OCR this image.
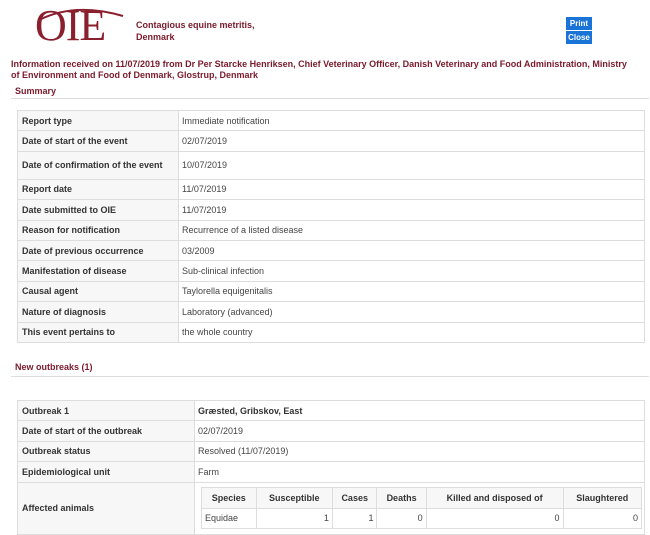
OIE	Contagious equine metritis,
Denmark
Print
Close
Information received on 11/07/2019 from Dr Per Starcke Henriksen, Chief Veterinary Officer, Danish Veterinary and Food Administration, Ministry of Environment and Food of Denmark, Glostrup, Denmark
Summary
Report type	Immediate notification
Date of start of the event	02/07/2019
Date of confirmation of the event	10/07/2019
Report date	11/07/2019
Date submitted to OIE	11/07/2019
Reason for notification	Recurrence of a listed disease
Date of previous occurrence	03/2009
Manifestation of disease	Sub-clinical infection
Causal agent	Taylorella equigenitalis
Nature of diagnosis	Laboratory (advanced)
This event pertains to	the whole country
New outbreaks (1)
Outbreak 1	Græsted, Gribskov, East
Date of start of the outbreak	02/07/2019
Outbreak status	Resolved (11/07/2019)
Epidemiological unit	Farm
Affected animals	
Species	Susceptible	Cases	Deaths	Killed and disposed of	Slaughtered
Equidae	1	1	0	0	0
